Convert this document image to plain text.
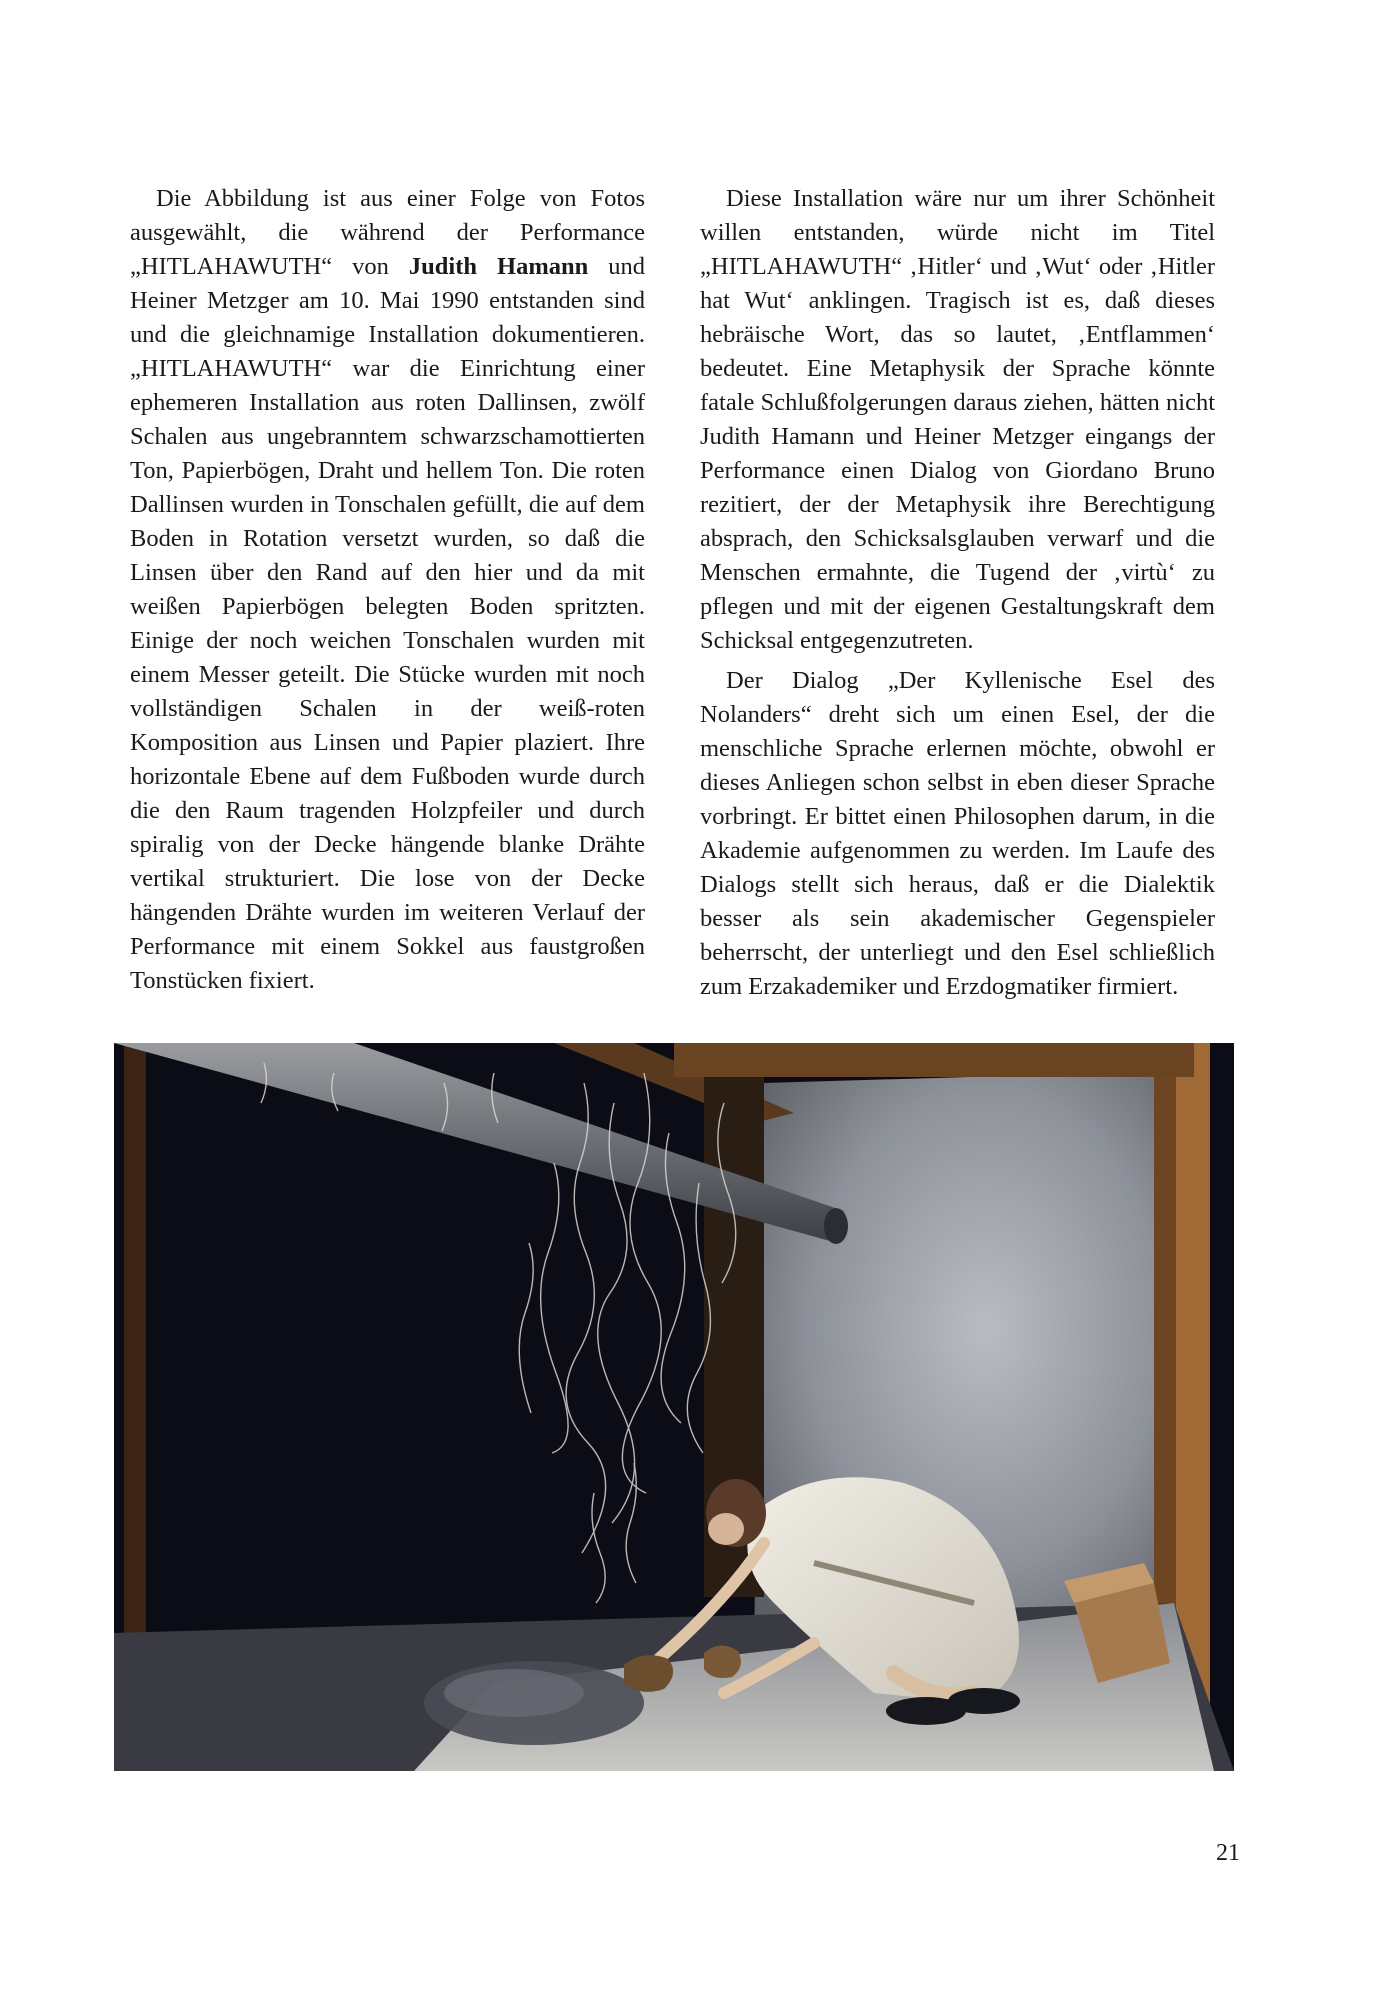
Die Abbildung ist aus einer Folge von Fotos ausgewählt, die während der Performance „HITLAHAWUTH“ von Judith Hamann und Heiner Metzger am 10. Mai 1990 entstanden sind und die gleichnamige Installation dokumentieren. „HITLAHAWUTH“ war die Einrichtung einer ephemeren Installation aus roten Dallinsen, zwölf Schalen aus ungebranntem schwarzschamottierten Ton, Papierbögen, Draht und hellem Ton. Die roten Dallinsen wurden in Tonschalen gefüllt, die auf dem Boden in Rotation versetzt wurden, so daß die Linsen über den Rand auf den hier und da mit weißen Papierbögen belegten Boden spritzten. Einige der noch weichen Tonschalen wurden mit einem Messer geteilt. Die Stücke wurden mit noch vollständigen Schalen in der weiß-roten Komposition aus Linsen und Papier plaziert. Ihre horizontale Ebene auf dem Fußboden wurde durch die den Raum tragenden Holzpfeiler und durch spiralig von der Decke hängende blanke Drähte vertikal strukturiert. Die lose von der Decke hängenden Drähte wurden im weiteren Verlauf der Performance mit einem Sokkel aus faustgroßen Tonstücken fixiert.

Diese Installation wäre nur um ihrer Schönheit willen entstanden, würde nicht im Titel „HITLAHAWUTH“ ‚Hitler‘ und ‚Wut‘ oder ‚Hitler hat Wut‘ anklingen. Tragisch ist es, daß dieses hebräische Wort, das so lautet, ‚Entflammen‘ bedeutet. Eine Metaphysik der Sprache könnte fatale Schlußfolgerungen daraus ziehen, hätten nicht Judith Hamann und Heiner Metzger eingangs der Performance einen Dialog von Giordano Bruno rezitiert, der der Metaphysik ihre Berechtigung absprach, den Schicksalsglauben verwarf und die Menschen ermahnte, die Tugend der ‚virtù‘ zu pflegen und mit der eigenen Gestaltungskraft dem Schicksal entgegenzutreten.

Der Dialog „Der Kyllenische Esel des Nolanders“ dreht sich um einen Esel, der die menschliche Sprache erlernen möchte, obwohl er dieses Anliegen schon selbst in eben dieser Sprache vorbringt. Er bittet einen Philosophen darum, in die Akademie aufgenommen zu werden. Im Laufe des Dialogs stellt sich heraus, daß er die Dialektik besser als sein akademischer Gegenspieler beherrscht, der unterliegt und den Esel schließlich zum Erzakademiker und Erzdogmatiker firmiert.

21
